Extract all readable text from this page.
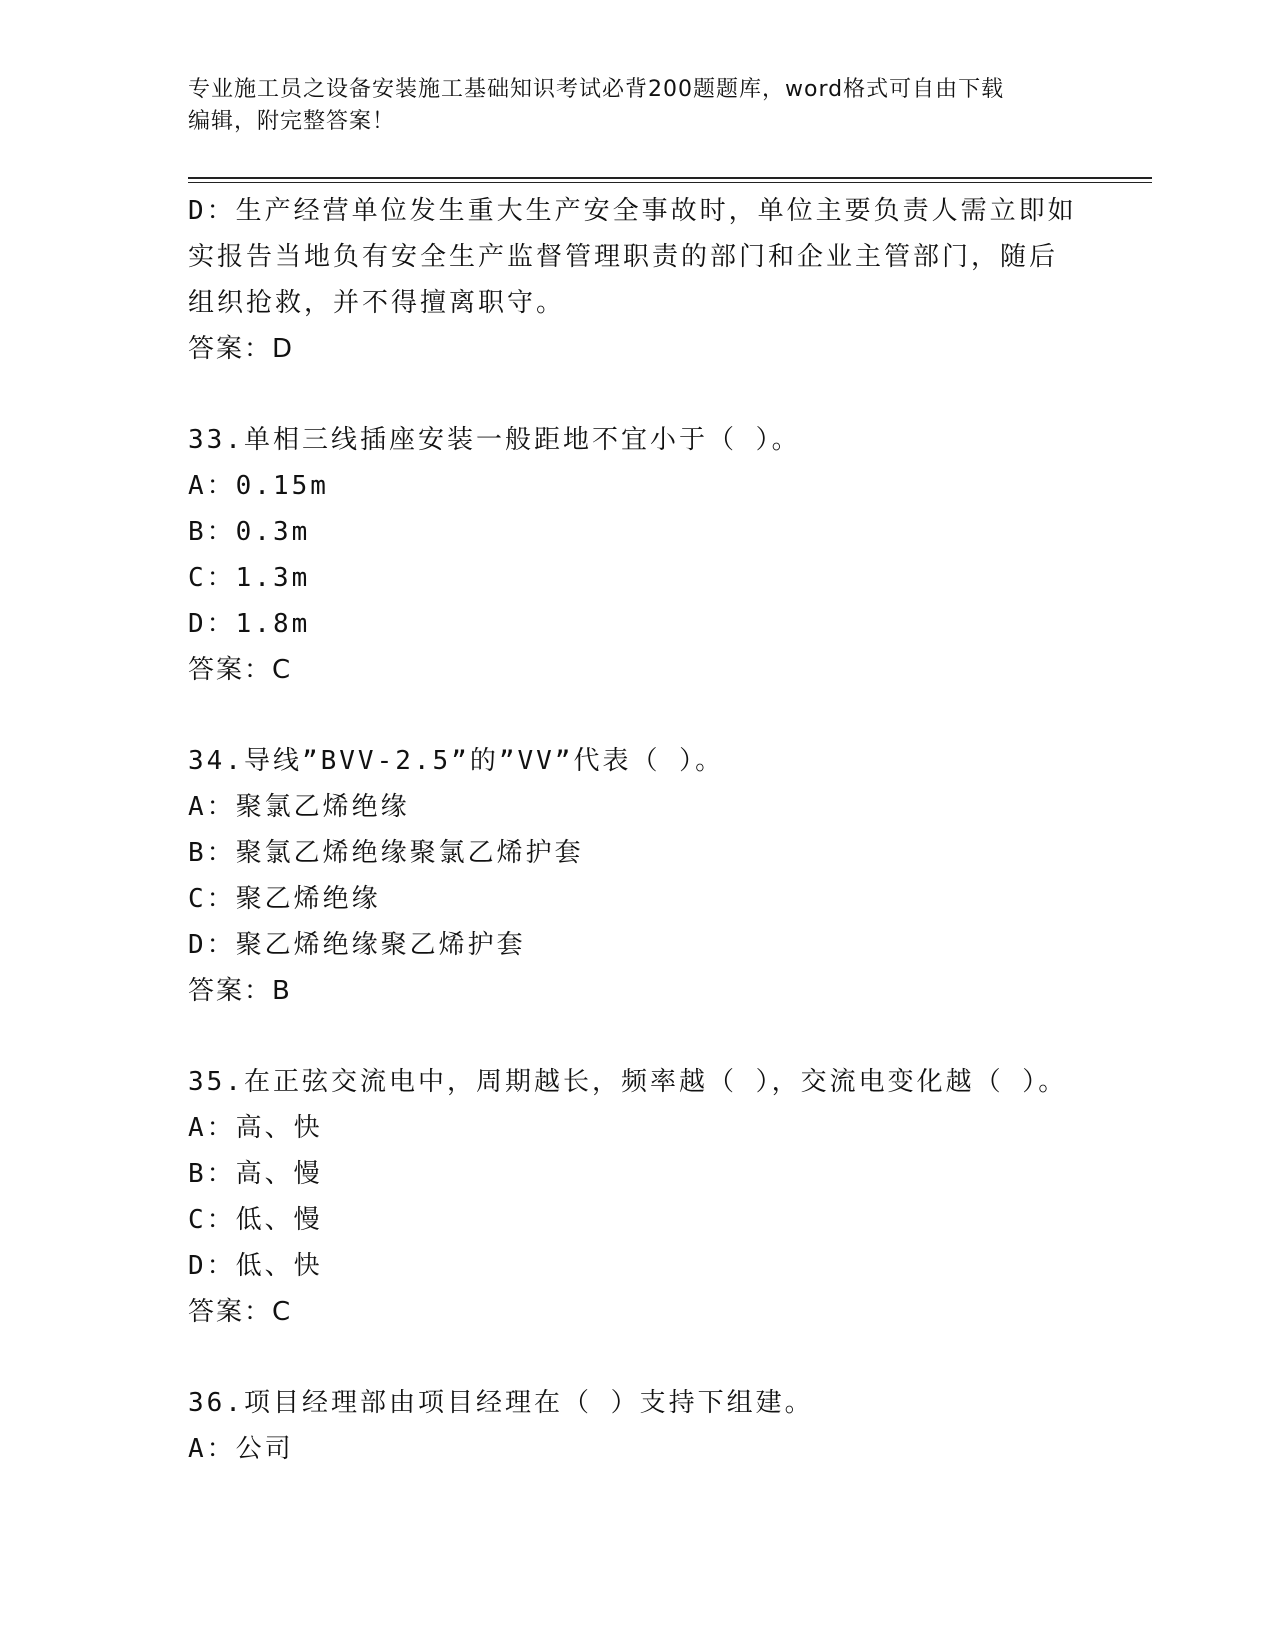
专业施工员之设备安装施工基础知识考试必背200题题库，word格式可自由下载
编辑，附完整答案！
D：生产经营单位发生重大生产安全事故时，单位主要负责人需立即如
实报告当地负有安全生产监督管理职责的部门和企业主管部门，随后
组织抢救，并不得擅离职守。
答案：D
33.单相三线插座安装一般距地不宜小于（ ）。
A：0.15m
B：0.3m
C：1.3m
D：1.8m
答案：C
34.导线”BVV-2.5”的”VV”代表（ ）。
A：聚氯乙烯绝缘
B：聚氯乙烯绝缘聚氯乙烯护套
C：聚乙烯绝缘
D：聚乙烯绝缘聚乙烯护套
答案：B
35.在正弦交流电中，周期越长，频率越（ ），交流电变化越（ ）。
A：高、快
B：高、慢
C：低、慢
D：低、快
答案：C
36.项目经理部由项目经理在（ ）支持下组建。
A：公司
